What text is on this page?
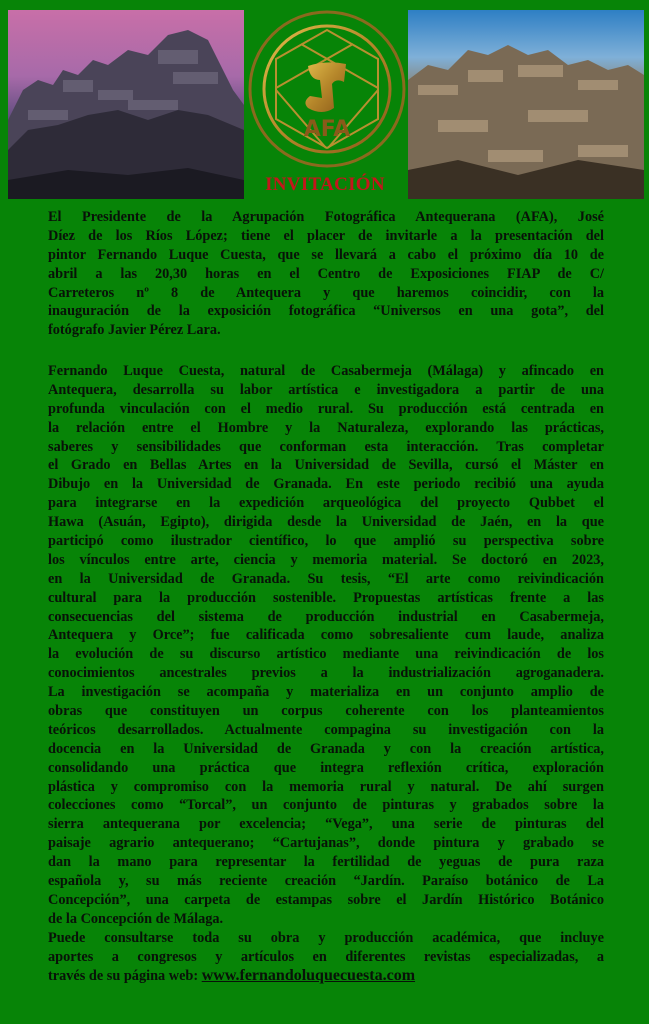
AFA
INVITACIÓN
El Presidente de la Agrupación Fotográfica Antequerana (AFA), José
Díez de los Ríos López; tiene el placer de invitarle a la presentación del
pintor Fernando Luque Cuesta, que se llevará a cabo el próximo día 10 de
abril a las 20,30 horas en el Centro de Exposiciones FIAP de C/
Carreteros nº 8 de Antequera y que haremos coincidir, con la
inauguración de la exposición fotográfica “Universos en una gota”, del
fotógrafo Javier Pérez Lara.
Fernando Luque Cuesta, natural de Casabermeja (Málaga) y afincado en
Antequera, desarrolla su labor artística e investigadora a partir de una
profunda vinculación con el medio rural. Su producción está centrada en
la relación entre el Hombre y la Naturaleza, explorando las prácticas,
saberes y sensibilidades que conforman esta interacción. Tras completar
el Grado en Bellas Artes en la Universidad de Sevilla, cursó el Máster en
Dibujo en la Universidad de Granada. En este periodo recibió una ayuda
para integrarse en la expedición arqueológica del proyecto Qubbet el
Hawa (Asuán, Egipto), dirigida desde la Universidad de Jaén, en la que
participó como ilustrador científico, lo que amplió su perspectiva sobre
los vínculos entre arte, ciencia y memoria material. Se doctoró en 2023,
en la Universidad de Granada. Su tesis, “El arte como reivindicación
cultural para la producción sostenible. Propuestas artísticas frente a las
consecuencias del sistema de producción industrial en Casabermeja,
Antequera y Orce”; fue calificada como sobresaliente cum laude, analiza
la evolución de su discurso artístico mediante una reivindicación de los
conocimientos ancestrales previos a la industrialización agroganadera.
La investigación se acompaña y materializa en un conjunto amplio de
obras que constituyen un corpus coherente con los planteamientos
teóricos desarrollados. Actualmente compagina su investigación con la
docencia en la Universidad de Granada y con la creación artística,
consolidando una práctica que integra reflexión crítica, exploración
plástica y compromiso con la memoria rural y natural. De ahí surgen
colecciones como “Torcal”, un conjunto de pinturas y grabados sobre la
sierra antequerana por excelencia; “Vega”, una serie de pinturas del
paisaje agrario antequerano; “Cartujanas”, donde pintura y grabado se
dan la mano para representar la fertilidad de yeguas de pura raza
española y, su más reciente creación “Jardín. Paraíso botánico de La
Concepción”, una carpeta de estampas sobre el Jardín Histórico Botánico
de la Concepción de Málaga.
Puede consultarse toda su obra y producción académica, que incluye
aportes a congresos y artículos en diferentes revistas especializadas, a
través de su página web: www.fernandoluquecuesta.com
